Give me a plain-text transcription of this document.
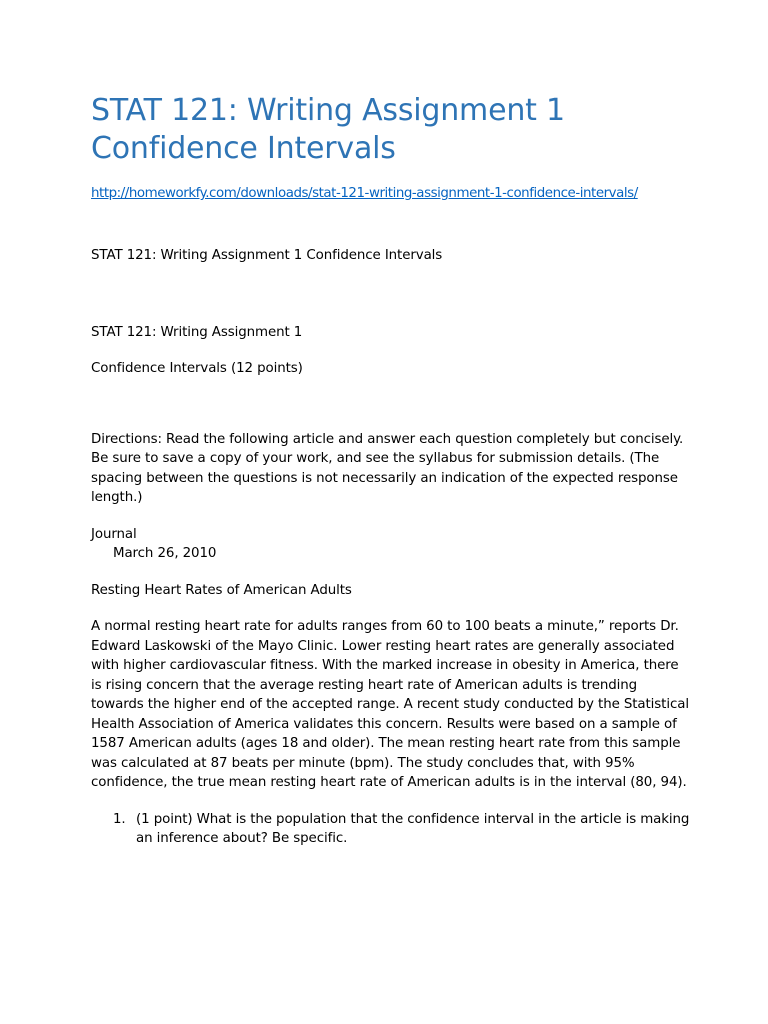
STAT 121: Writing Assignment 1
Confidence Intervals
http://homeworkfy.com/downloads/stat-121-writing-assignment-1-confidence-intervals/

STAT 121: Writing Assignment 1 Confidence Intervals

STAT 121: Writing Assignment 1

Confidence Intervals (12 points)

Directions: Read the following article and answer each question completely but concisely. Be sure to save a copy of your work, and see the syllabus for submission details. (The spacing between the questions is not necessarily an indication of the expected response length.)

Journal

March 26, 2010

Resting Heart Rates of American Adults

A normal resting heart rate for adults ranges from 60 to 100 beats a minute,” reports Dr. Edward Laskowski of the Mayo Clinic. Lower resting heart rates are generally associated with higher cardiovascular fitness. With the marked increase in obesity in America, there is rising concern that the average resting heart rate of American adults is trending towards the higher end of the accepted range. A recent study conducted by the Statistical Health Association of America validates this concern. Results were based on a sample of 1587 American adults (ages 18 and older). The mean resting heart rate from this sample was calculated at 87 beats per minute (bpm). The study concludes that, with 95% confidence, the true mean resting heart rate of American adults is in the interval (80, 94).

1. (1 point) What is the population that the confidence interval in the article is making an inference about? Be specific.
